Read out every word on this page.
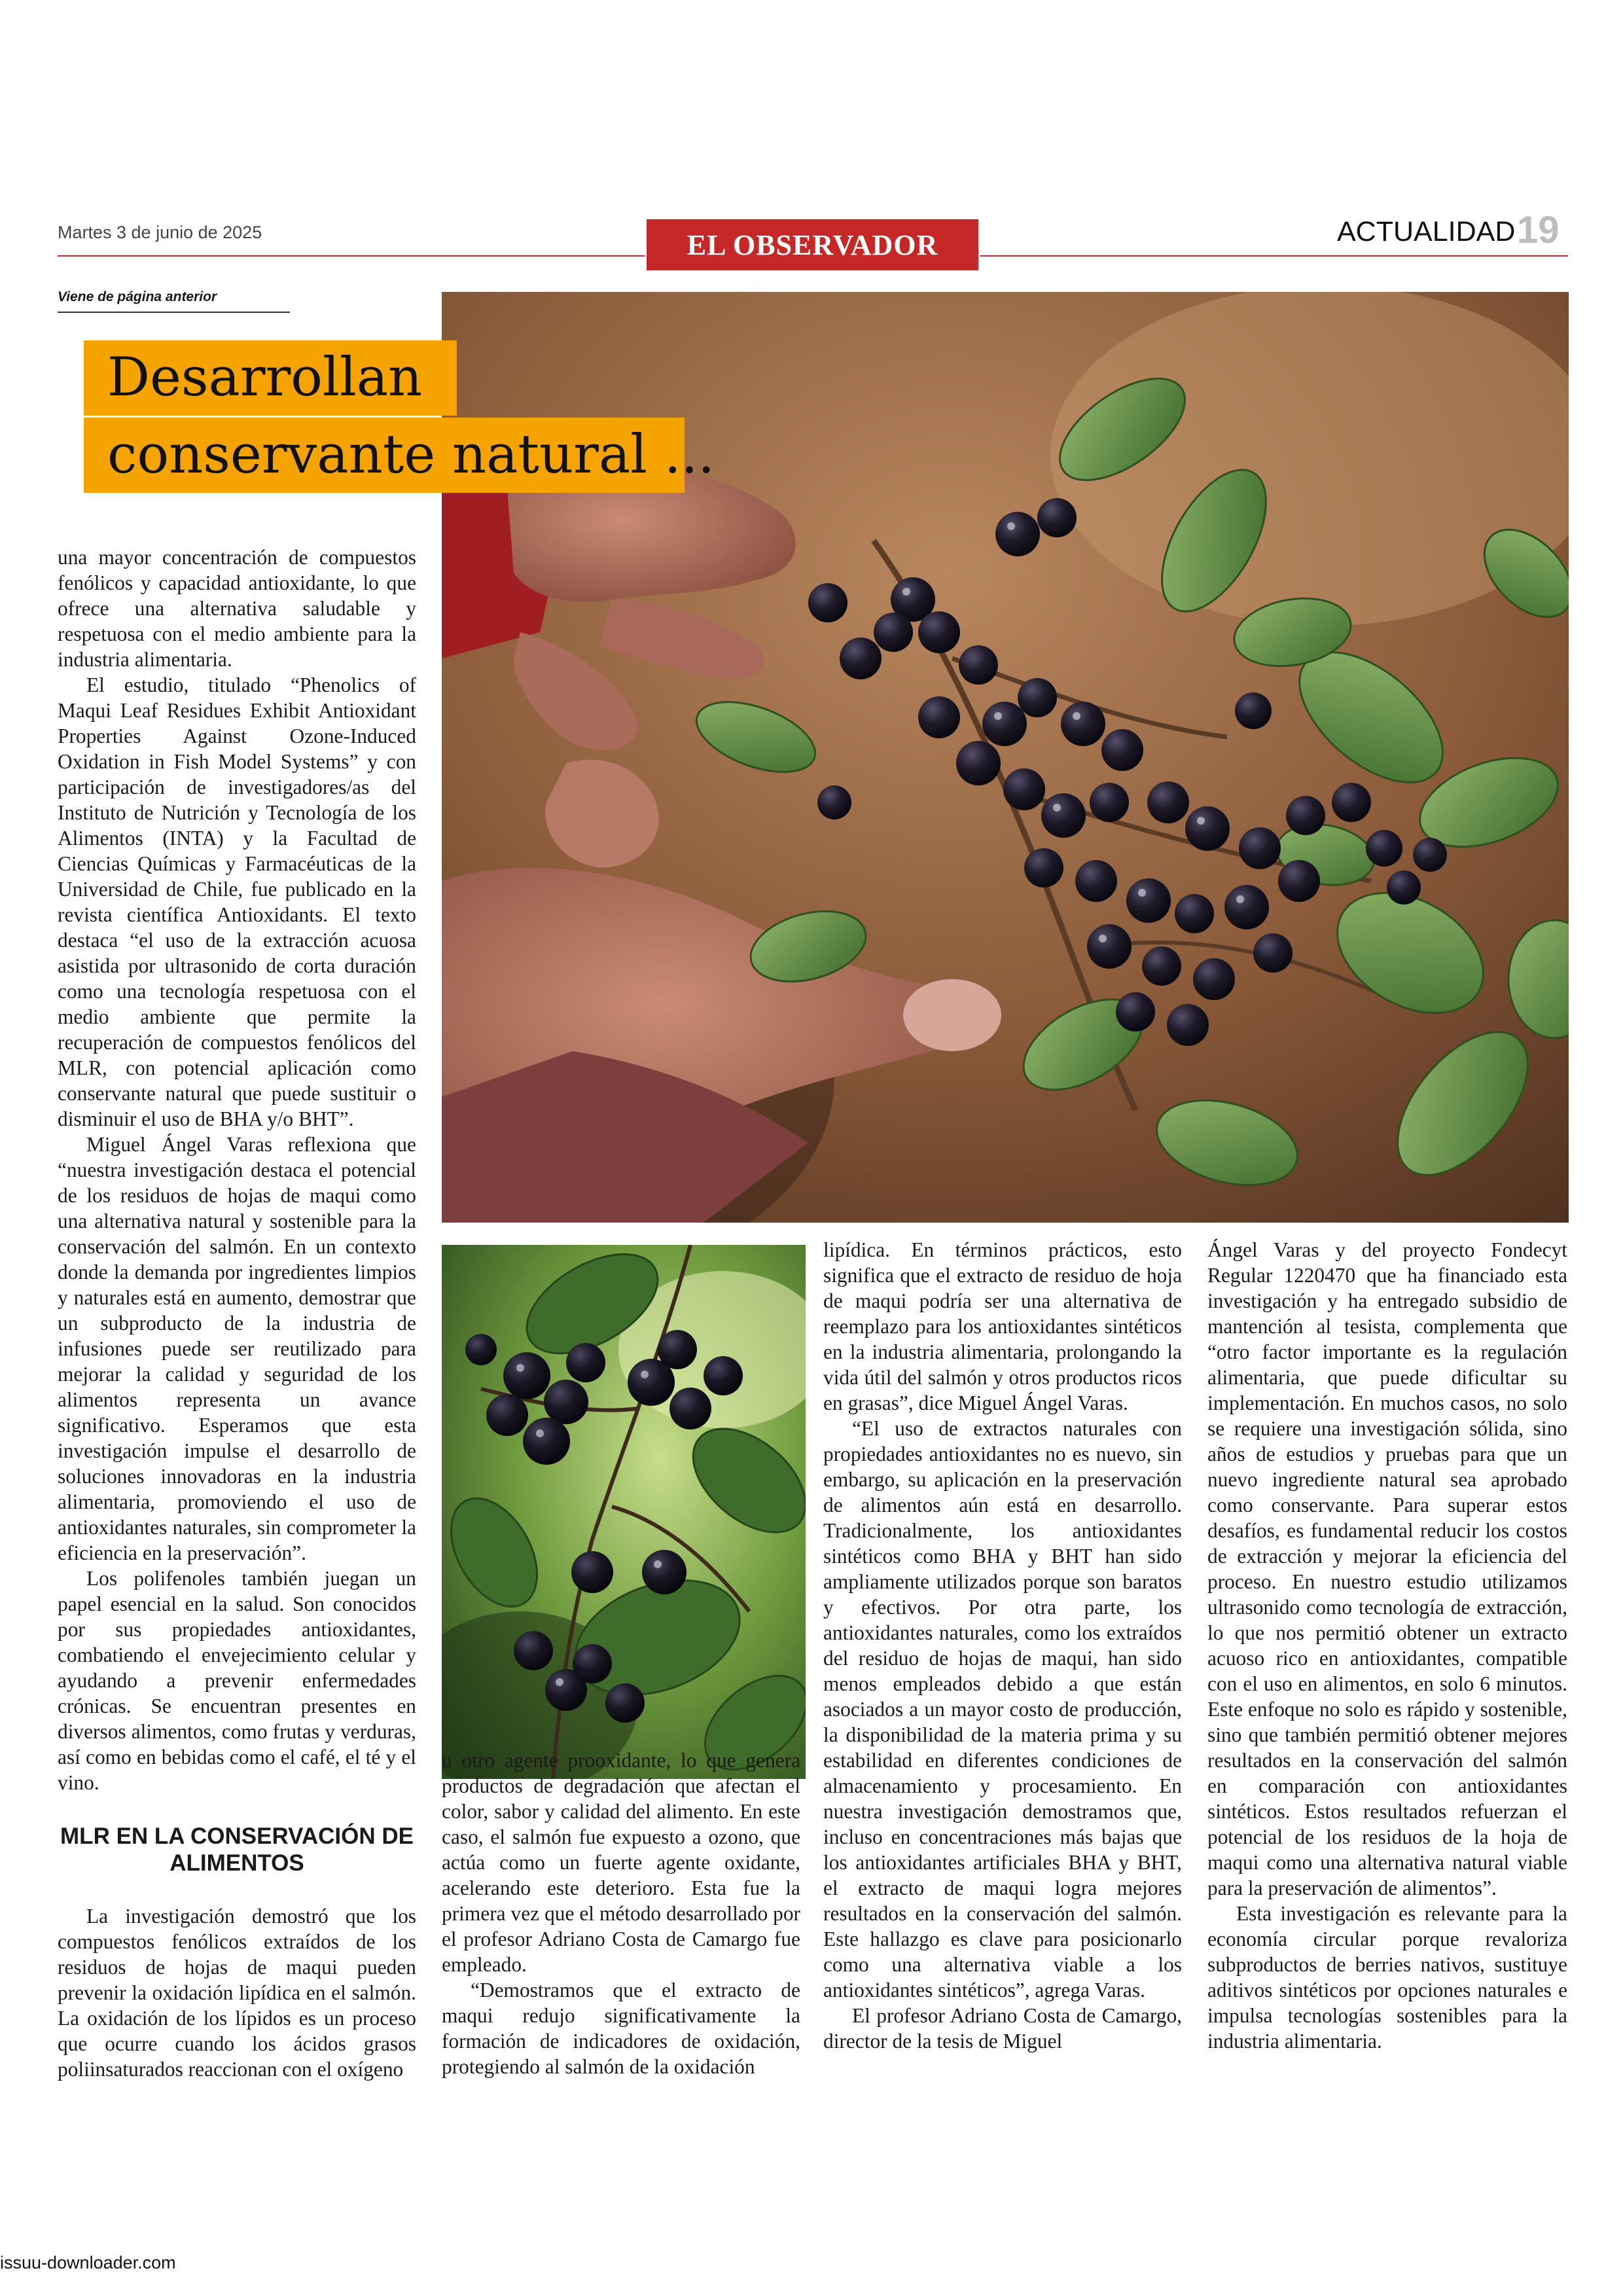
Martes 3 de junio de 2025	EL OBSERVADOR	ACTUALIDAD 19
Viene de página anterior
Desarrollan
conservante natural ...

una mayor concentración de compuestos fenólicos y capacidad antioxidante, lo que ofrece una alternativa saludable y respetuosa con el medio ambiente para la industria alimentaria.

El estudio, titulado “Phenolics of Maqui Leaf Residues Exhibit Antioxidant Properties Against Ozone-Induced Oxidation in Fish Model Systems” y con participación de investigadores/as del Instituto de Nutrición y Tecnología de los Alimentos (INTA) y la Facultad de Ciencias Químicas y Farmacéuticas de la Universidad de Chile, fue publicado en la revista científica Antioxidants. El texto destaca “el uso de la extracción acuosa asistida por ultrasonido de corta duración como una tecnología respetuosa con el medio ambiente que permite la recuperación de compuestos fenólicos del MLR, con potencial aplicación como conservante natural que puede sustituir o disminuir el uso de BHA y/o BHT”.

Miguel Ángel Varas reflexiona que “nuestra investigación destaca el potencial de los residuos de hojas de maqui como una alternativa natural y sostenible para la conservación del salmón. En un contexto donde la demanda por ingredientes limpios y naturales está en aumento, demostrar que un subproducto de la industria de infusiones puede ser reutilizado para mejorar la calidad y seguridad de los alimentos representa un avance significativo. Esperamos que esta investigación impulse el desarrollo de soluciones innovadoras en la industria alimentaria, promoviendo el uso de antioxidantes naturales, sin comprometer la eficiencia en la preservación”.

Los polifenoles también juegan un papel esencial en la salud. Son conocidos por sus propiedades antioxidantes, combatiendo el envejecimiento celular y ayudando a prevenir enfermedades crónicas. Se encuentran presentes en diversos alimentos, como frutas y verduras, así como en bebidas como el café, el té y el vino.

MLR EN LA CONSERVACIÓN DE ALIMENTOS

La investigación demostró que los compuestos fenólicos extraídos de los residuos de hojas de maqui pueden prevenir la oxidación lipídica en el salmón. La oxidación de los lípidos es un proceso que ocurre cuando los ácidos grasos poliinsaturados reaccionan con el oxígeno

u otro agente prooxidante, lo que genera productos de degradación que afectan el color, sabor y calidad del alimento. En este caso, el salmón fue expuesto a ozono, que actúa como un fuerte agente oxidante, acelerando este deterioro. Esta fue la primera vez que el método desarrollado por el profesor Adriano Costa de Camargo fue empleado.

“Demostramos que el extracto de maqui redujo significativamente la formación de indicadores de oxidación, protegiendo al salmón de la oxidación

lipídica. En términos prácticos, esto significa que el extracto de residuo de hoja de maqui podría ser una alternativa de reemplazo para los antioxidantes sintéticos en la industria alimentaria, prolongando la vida útil del salmón y otros productos ricos en grasas”, dice Miguel Ángel Varas.

“El uso de extractos naturales con propiedades antioxidantes no es nuevo, sin embargo, su aplicación en la preservación de alimentos aún está en desarrollo. Tradicionalmente, los antioxidantes sintéticos como BHA y BHT han sido ampliamente utilizados porque son baratos y efectivos. Por otra parte, los antioxidantes naturales, como los extraídos del residuo de hojas de maqui, han sido menos empleados debido a que están asociados a un mayor costo de producción, la disponibilidad de la materia prima y su estabilidad en diferentes condiciones de almacenamiento y procesamiento. En nuestra investigación demostramos que, incluso en concentraciones más bajas que los antioxidantes artificiales BHA y BHT, el extracto de maqui logra mejores resultados en la conservación del salmón. Este hallazgo es clave para posicionarlo como una alternativa viable a los antioxidantes sintéticos”, agrega Varas.

El profesor Adriano Costa de Camargo, director de la tesis de Miguel

Ángel Varas y del proyecto Fondecyt Regular 1220470 que ha financiado esta investigación y ha entregado subsidio de mantención al tesista, complementa que “otro factor importante es la regulación alimentaria, que puede dificultar su implementación. En muchos casos, no solo se requiere una investigación sólida, sino años de estudios y pruebas para que un nuevo ingrediente natural sea aprobado como conservante. Para superar estos desafíos, es fundamental reducir los costos de extracción y mejorar la eficiencia del proceso. En nuestro estudio utilizamos ultrasonido como tecnología de extracción, lo que nos permitió obtener un extracto acuoso rico en antioxidantes, compatible con el uso en alimentos, en solo 6 minutos. Este enfoque no solo es rápido y sostenible, sino que también permitió obtener mejores resultados en la conservación del salmón en comparación con antioxidantes sintéticos. Estos resultados refuerzan el potencial de los residuos de la hoja de maqui como una alternativa natural viable para la preservación de alimentos”.

Esta investigación es relevante para la economía circular porque revaloriza subproductos de berries nativos, sustituye aditivos sintéticos por opciones naturales e impulsa tecnologías sostenibles para la industria alimentaria.

issuu-downloader.com
